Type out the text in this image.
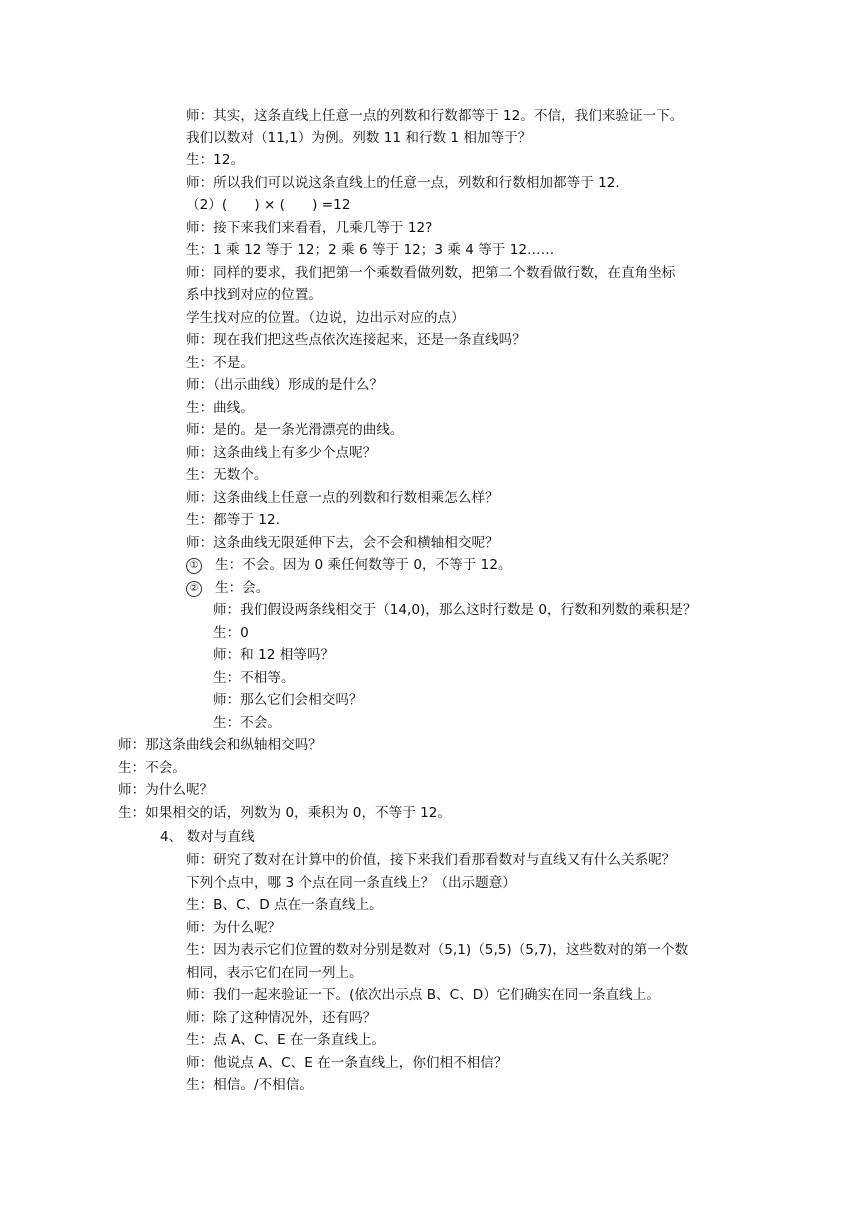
师：其实，这条直线上任意一点的列数和行数都等于 12。不信，我们来验证一下。
我们以数对（11,1）为例。列数 11 和行数 1 相加等于？
生：12。
师：所以我们可以说这条直线上的任意一点，列数和行数相加都等于 12.
（2）(　　) × (　　) =12
师：接下来我们来看看，几乘几等于 12?
生：1 乘 12 等于 12；2 乘 6 等于 12；3 乘 4 等于 12……
师：同样的要求，我们把第一个乘数看做列数，把第二个数看做行数，在直角坐标
系中找到对应的位置。
学生找对应的位置。（边说，边出示对应的点）
师：现在我们把这些点依次连接起来，还是一条直线吗？
生：不是。
师：（出示曲线）形成的是什么？
生：曲线。
师：是的。是一条光滑漂亮的曲线。
师：这条曲线上有多少个点呢？
生：无数个。
师：这条曲线上任意一点的列数和行数相乘怎么样？
生：都等于 12.
师：这条曲线无限延伸下去，会不会和横轴相交呢？
① 生：不会。因为 0 乘任何数等于 0，不等于 12。
② 生：会。
师：我们假设两条线相交于（14,0)，那么这时行数是 0，行数和列数的乘积是？
生：0
师：和 12 相等吗？
生：不相等。
师：那么它们会相交吗？
生：不会。
师：那这条曲线会和纵轴相交吗？
生：不会。
师：为什么呢？
生：如果相交的话，列数为 0，乘积为 0，不等于 12。
4、 数对与直线
师：研究了数对在计算中的价值，接下来我们看那看数对与直线又有什么关系呢？
下列个点中，哪 3 个点在同一条直线上？（出示题意）
生：B、C、D 点在一条直线上。
师：为什么呢？
生：因为表示它们位置的数对分别是数对（5,1)（5,5)（5,7)，这些数对的第一个数
相同，表示它们在同一列上。
师：我们一起来验证一下。(依次出示点 B、C、D）它们确实在同一条直线上。
师：除了这种情况外，还有吗？
生：点 A、C、E 在一条直线上。
师：他说点 A、C、E 在一条直线上，你们相不相信？
生：相信。/不相信。
